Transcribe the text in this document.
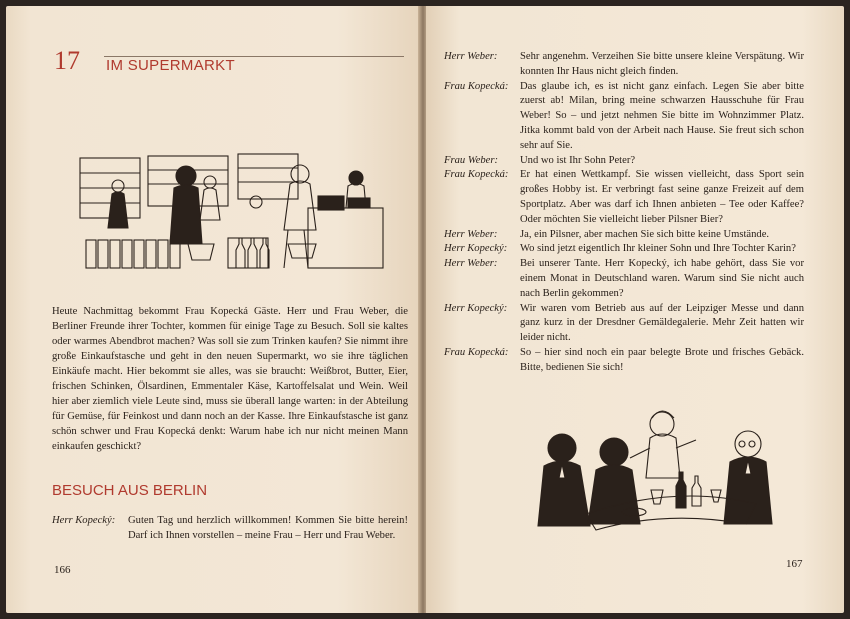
17 IM SUPERMARKT

Heute Nachmittag bekommt Frau Kopecká Gäste. Herr und Frau Weber, die Berliner Freunde ihrer Tochter, kommen für einige Tage zu Besuch. Soll sie kaltes oder warmes Abendbrot machen? Was soll sie zum Trinken kaufen? Sie nimmt ihre große Einkaufstasche und geht in den neuen Supermarkt, wo sie ihre täglichen Einkäufe macht. Hier bekommt sie alles, was sie braucht: Weißbrot, Butter, Eier, frischen Schinken, Ölsardinen, Emmentaler Käse, Kartoffelsalat und Wein. Weil hier aber ziemlich viele Leute sind, muss sie überall lange warten: in der Abteilung für Gemüse, für Feinkost und dann noch an der Kasse. Ihre Einkaufstasche ist ganz schön schwer und Frau Kopecká denkt: Warum habe ich nur nicht meinen Mann einkaufen geschickt?

BESUCH AUS BERLIN

Herr Kopecký:	Guten Tag und herzlich willkommen! Kommen Sie bitte herein! Darf ich Ihnen vorstellen – meine Frau – Herr und Frau Weber.

166

Herr Weber:	Sehr angenehm. Verzeihen Sie bitte unsere kleine Verspätung. Wir konnten Ihr Haus nicht gleich finden.

Frau Kopecká:	Das glaube ich, es ist nicht ganz einfach. Legen Sie aber bitte zuerst ab! Milan, bring meine schwarzen Hausschuhe für Frau Weber! So – und jetzt nehmen Sie bitte im Wohnzimmer Platz. Jitka kommt bald von der Arbeit nach Hause. Sie freut sich schon sehr auf Sie.

Frau Weber:	Und wo ist Ihr Sohn Peter?

Frau Kopecká:	Er hat einen Wettkampf. Sie wissen vielleicht, dass Sport sein großes Hobby ist. Er verbringt fast seine ganze Freizeit auf dem Sportplatz. Aber was darf ich Ihnen anbieten – Tee oder Kaffee? Oder möchten Sie vielleicht lieber Pilsner Bier?

Herr Weber:	Ja, ein Pilsner, aber machen Sie sich bitte keine Umstände.

Herr Kopecký:	Wo sind jetzt eigentlich Ihr kleiner Sohn und Ihre Tochter Karin?

Herr Weber:	Bei unserer Tante. Herr Kopecký, ich habe gehört, dass Sie vor einem Monat in Deutschland waren. Warum sind Sie nicht auch nach Berlin gekommen?

Herr Kopecký:	Wir waren vom Betrieb aus auf der Leipziger Messe und dann ganz kurz in der Dresdner Gemäldegalerie. Mehr Zeit hatten wir leider nicht.

Frau Kopecká:	So – hier sind noch ein paar belegte Brote und frisches Gebäck. Bitte, bedienen Sie sich!

167
